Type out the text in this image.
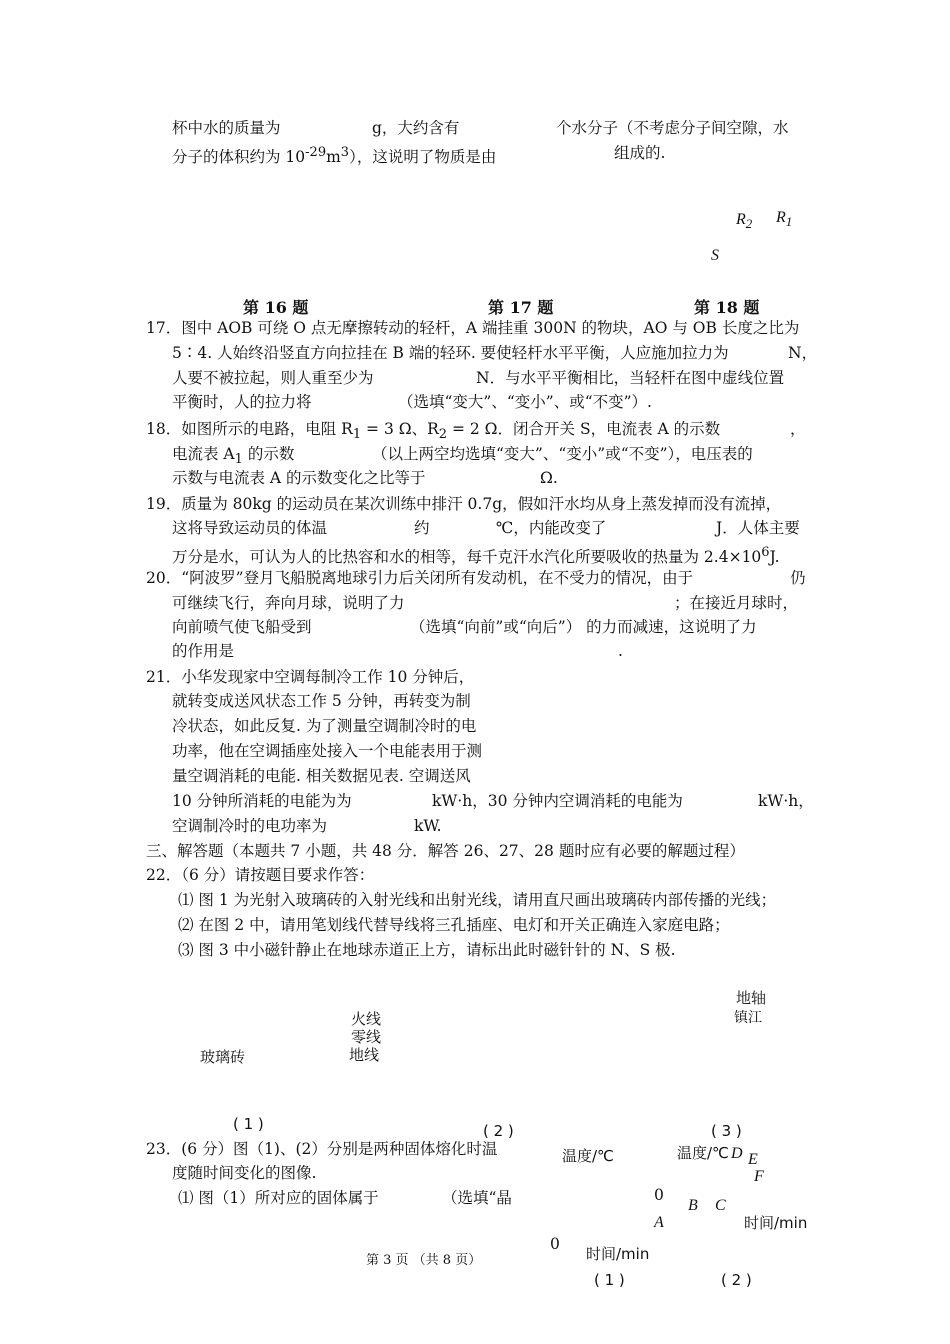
杯中水的质量为	g，大约含有	个水分子（不考虑分子间空隙，水
分子的体积约为 $10^{-29}m^3$），这说明了物质是由	组成的.
$R_2$ $R_1$
S
第 16 题	第 17 题	第 18 题
17．图中 AOB 可绕 O 点无摩擦转动的轻杆，A 端挂重 300N 的物块，AO 与 OB 长度之比为
5∶4. 人始终沿竖直方向拉挂在 B 端的轻环. 要使轻杆水平平衡，人应施加拉力为	N，
人要不被拉起，则人重至少为	N．与水平平衡相比，当轻杆在图中虚线位置
平衡时，人的拉力将	（选填“变大”、“变小”、或“不变”）.
18．如图所示的电路，电阻 $R_1 = 3$ Ω、$R_2 = 2$ Ω．闭合开关 S，电流表 A 的示数	，
电流表 $A_1$ 的示数	（以上两空均选填“变大”、“变小”或“不变”），电压表的
示数与电流表 A 的示数变化之比等于	Ω.
19．质量为 80kg 的运动员在某次训练中排汗 0.7g，假如汗水均从身上蒸发掉而没有流掉，
这将导致运动员的体温	约	℃，内能改变了	J．人体主要
万分是水，可认为人的比热容和水的相等，每千克汗水汽化所要吸收的热量为 $2.4\times 10^6J$.
20．“阿波罗”登月飞船脱离地球引力后关闭所有发动机，在不受力的情况，由于	仍
可继续飞行，奔向月球，说明了力	；在接近月球时，
向前喷气使飞船受到	（选填“向前”或“向后”） 的力而减速，这说明了力
的作用是	.
21．小华发现家中空调每制冷工作 10 分钟后，
就转变成送风状态工作 5 分钟，再转变为制
冷状态，如此反复. 为了测量空调制冷时的电
功率，他在空调插座处接入一个电能表用于测
量空调消耗的电能. 相关数据见表. 空调送风
10 分钟所消耗的电能为为	kW·h，30 分钟内空调消耗的电能为	kW·h，
空调制冷时的电功率为	kW.
三、解答题（本题共 7 小题，共 48 分．解答 26、27、28 题时应有必要的解题过程）
22．（6 分）请按题目要求作答：
⑴ 图 1 为光射入玻璃砖的入射光线和出射光线，请用直尺画出玻璃砖内部传播的光线；
⑵ 在图 2 中，请用笔划线代替导线将三孔插座、电灯和开关正确连入家庭电路；
⑶ 图 3 中小磁针静止在地球赤道正上方，请标出此时磁针针的 N、S 极.
地轴
镇江
火线
零线
地线
玻璃砖
( 1 )	( 2 )	( 3 )
23．(6 分）图（1)、(2）分别是两种固体熔化时温
度随时间变化的图像.
⑴ 图（1）所对应的固体属于	（选填“晶
温度/℃	温度/℃ D E
F
0
B C
A	时间/min
0
时间/min
( 1 )	( 2 )
第 3 页 （共 8 页）
